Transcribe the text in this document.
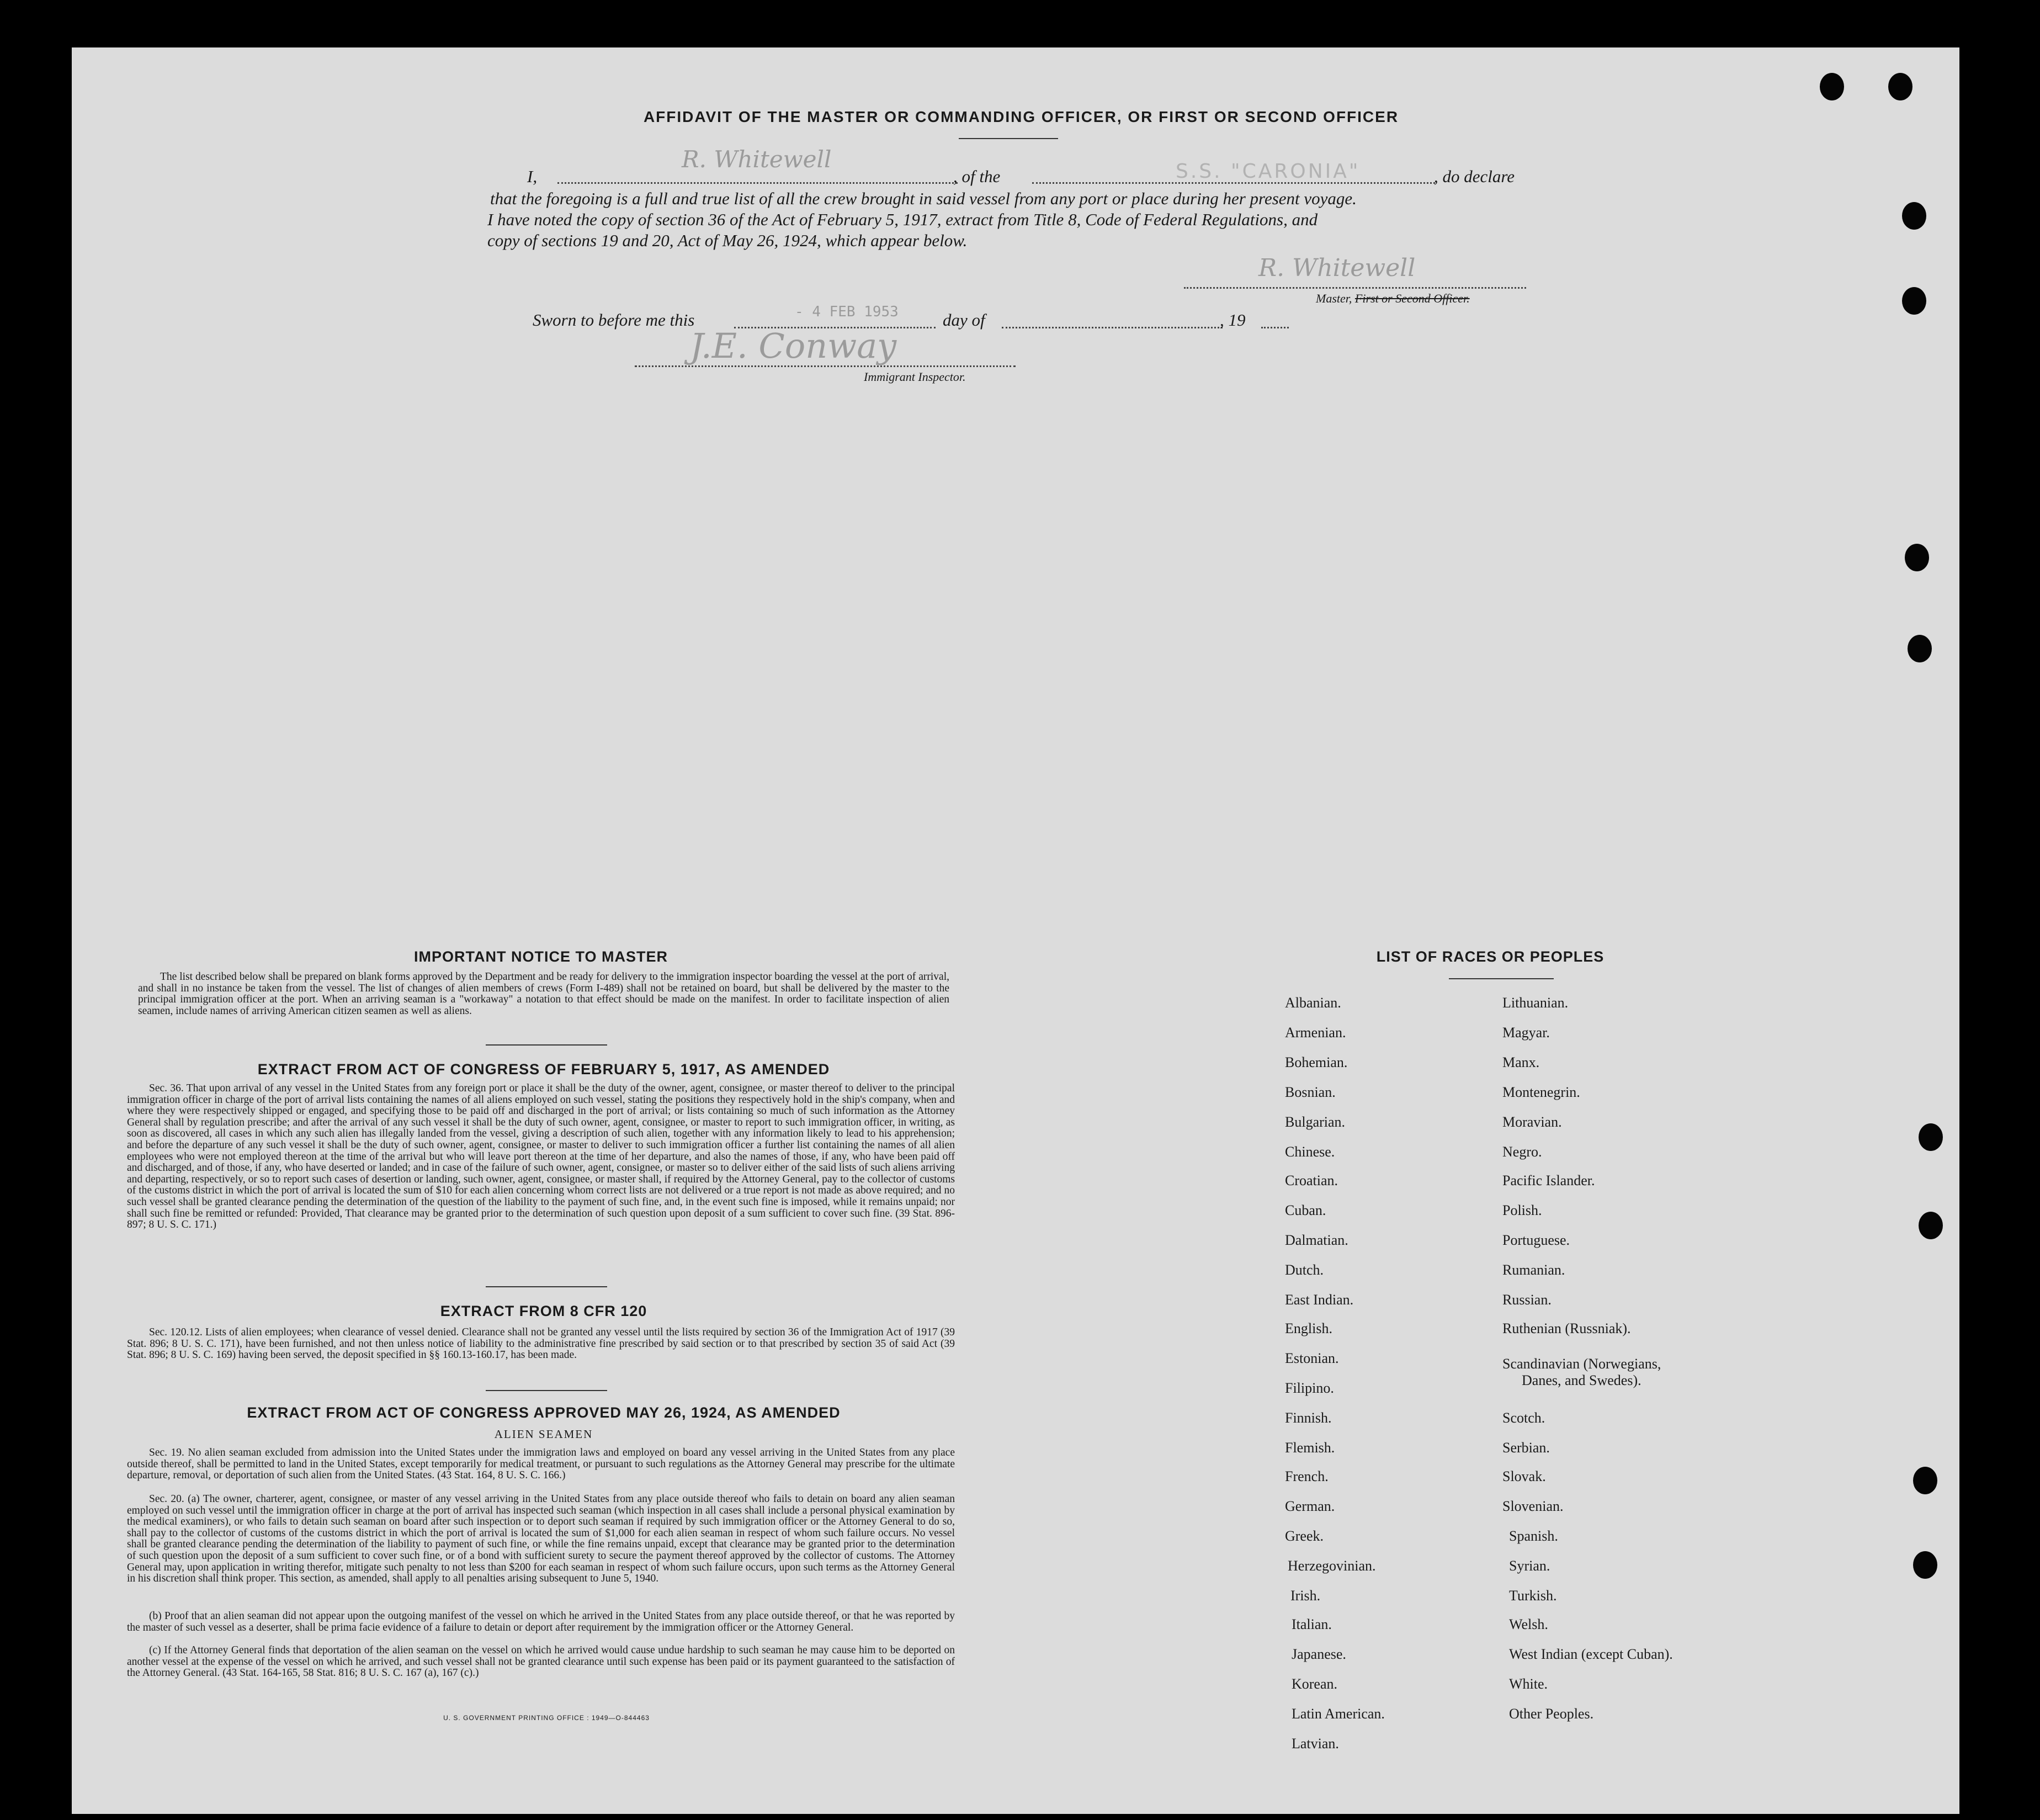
AFFIDAVIT OF THE MASTER OR COMMANDING OFFICER, OR FIRST OR SECOND OFFICER
I,
R. Whitewell
, of the	S.S. "CARONIA"	, do declare
that the foregoing is a full and true list of all the crew brought in said vessel from any port or place during her present voyage.
I have noted the copy of section 36 of the Act of February 5, 1917, extract from Title 8, Code of Federal Regulations, and
copy of sections 19 and 20, Act of May 26, 1924, which appear below.
R. Whitewell
Master, First or Second Officer.
Sworn to before me this	- 4 FEB 1953	day of	, 19
J.E. Conway
Immigrant Inspector.
IMPORTANT NOTICE TO MASTER
The list described below shall be prepared on blank forms approved by the Department and be ready for delivery to the immigration inspector boarding the vessel at the port of arrival, and shall in no instance be taken from the vessel. The list of changes of alien members of crews (Form I-489) shall not be retained on board, but shall be delivered by the master to the principal immigration officer at the port. When an arriving seaman is a "workaway" a notation to that effect should be made on the manifest. In order to facilitate inspection of alien seamen, include names of arriving American citizen seamen as well as aliens.
EXTRACT FROM ACT OF CONGRESS OF FEBRUARY 5, 1917, AS AMENDED
Sec. 36. That upon arrival of any vessel in the United States from any foreign port or place it shall be the duty of the owner, agent, consignee, or master thereof to deliver to the principal immigration officer in charge of the port of arrival lists containing the names of all aliens employed on such vessel, stating the positions they respectively hold in the ship's company, when and where they were respectively shipped or engaged, and specifying those to be paid off and discharged in the port of arrival; or lists containing so much of such information as the Attorney General shall by regulation prescribe; and after the arrival of any such vessel it shall be the duty of such owner, agent, consignee, or master to report to such immigration officer, in writing, as soon as discovered, all cases in which any such alien has illegally landed from the vessel, giving a description of such alien, together with any information likely to lead to his apprehension; and before the departure of any such vessel it shall be the duty of such owner, agent, consignee, or master to deliver to such immigration officer a further list containing the names of all alien employees who were not employed thereon at the time of the arrival but who will leave port thereon at the time of her departure, and also the names of those, if any, who have been paid off and discharged, and of those, if any, who have deserted or landed; and in case of the failure of such owner, agent, consignee, or master so to deliver either of the said lists of such aliens arriving and departing, respectively, or so to report such cases of desertion or landing, such owner, agent, consignee, or master shall, if required by the Attorney General, pay to the collector of customs of the customs district in which the port of arrival is located the sum of $10 for each alien concerning whom correct lists are not delivered or a true report is not made as above required; and no such vessel shall be granted clearance pending the determination of the question of the liability to the payment of such fine, and, in the event such fine is imposed, while it remains unpaid; nor shall such fine be remitted or refunded: Provided, That clearance may be granted prior to the determination of such question upon deposit of a sum sufficient to cover such fine. (39 Stat. 896-897; 8 U. S. C. 171.)
EXTRACT FROM 8 CFR 120
Sec. 120.12. Lists of alien employees; when clearance of vessel denied. Clearance shall not be granted any vessel until the lists required by section 36 of the Immigration Act of 1917 (39 Stat. 896; 8 U. S. C. 171), have been furnished, and not then unless notice of liability to the administrative fine prescribed by said section or to that prescribed by section 35 of said Act (39 Stat. 896; 8 U. S. C. 169) having been served, the deposit specified in §§ 160.13-160.17, has been made.
EXTRACT FROM ACT OF CONGRESS APPROVED MAY 26, 1924, AS AMENDED
ALIEN SEAMEN
Sec. 19. No alien seaman excluded from admission into the United States under the immigration laws and employed on board any vessel arriving in the United States from any place outside thereof, shall be permitted to land in the United States, except temporarily for medical treatment, or pursuant to such regulations as the Attorney General may prescribe for the ultimate departure, removal, or deportation of such alien from the United States. (43 Stat. 164, 8 U. S. C. 166.)
Sec. 20. (a) The owner, charterer, agent, consignee, or master of any vessel arriving in the United States from any place outside thereof who fails to detain on board any alien seaman employed on such vessel until the immigration officer in charge at the port of arrival has inspected such seaman (which inspection in all cases shall include a personal physical examination by the medical examiners), or who fails to detain such seaman on board after such inspection or to deport such seaman if required by such immigration officer or the Attorney General to do so, shall pay to the collector of customs of the customs district in which the port of arrival is located the sum of $1,000 for each alien seaman in respect of whom such failure occurs. No vessel shall be granted clearance pending the determination of the liability to payment of such fine, or while the fine remains unpaid, except that clearance may be granted prior to the determination of such question upon the deposit of a sum sufficient to cover such fine, or of a bond with sufficient surety to secure the payment thereof approved by the collector of customs. The Attorney General may, upon application in writing therefor, mitigate such penalty to not less than $200 for each seaman in respect of whom such failure occurs, upon such terms as the Attorney General in his discretion shall think proper. This section, as amended, shall apply to all penalties arising subsequent to June 5, 1940.
(b) Proof that an alien seaman did not appear upon the outgoing manifest of the vessel on which he arrived in the United States from any place outside thereof, or that he was reported by the master of such vessel as a deserter, shall be prima facie evidence of a failure to detain or deport after requirement by the immigration officer or the Attorney General.
(c) If the Attorney General finds that deportation of the alien seaman on the vessel on which he arrived would cause undue hardship to such seaman he may cause him to be deported on another vessel at the expense of the vessel on which he arrived, and such vessel shall not be granted clearance until such expense has been paid or its payment guaranteed to the satisfaction of the Attorney General. (43 Stat. 164-165, 58 Stat. 816; 8 U. S. C. 167 (a), 167 (c).)
U. S. GOVERNMENT PRINTING OFFICE : 1949—O-844463
LIST OF RACES OR PEOPLES
Albanian.
Armenian.
Bohemian.
Bosnian.
Bulgarian.
Chinese.
Croatian.
Cuban.
Dalmatian.
Dutch.
East Indian.
English.
Estonian.
Filipino.
Finnish.
Flemish.
French.
German.
Greek.
Herzegovinian.
Irish.
Italian.
Japanese.
Korean.
Latin American.
Latvian.
Lithuanian.
Magyar.
Manx.
Montenegrin.
Moravian.
Negro.
Pacific Islander.
Polish.
Portuguese.
Rumanian.
Russian.
Ruthenian (Russniak).
Scandinavian (Norwegians,
Danes, and Swedes).
Scotch.
Serbian.
Slovak.
Slovenian.
Spanish.
Syrian.
Turkish.
Welsh.
West Indian (except Cuban).
White.
Other Peoples.
